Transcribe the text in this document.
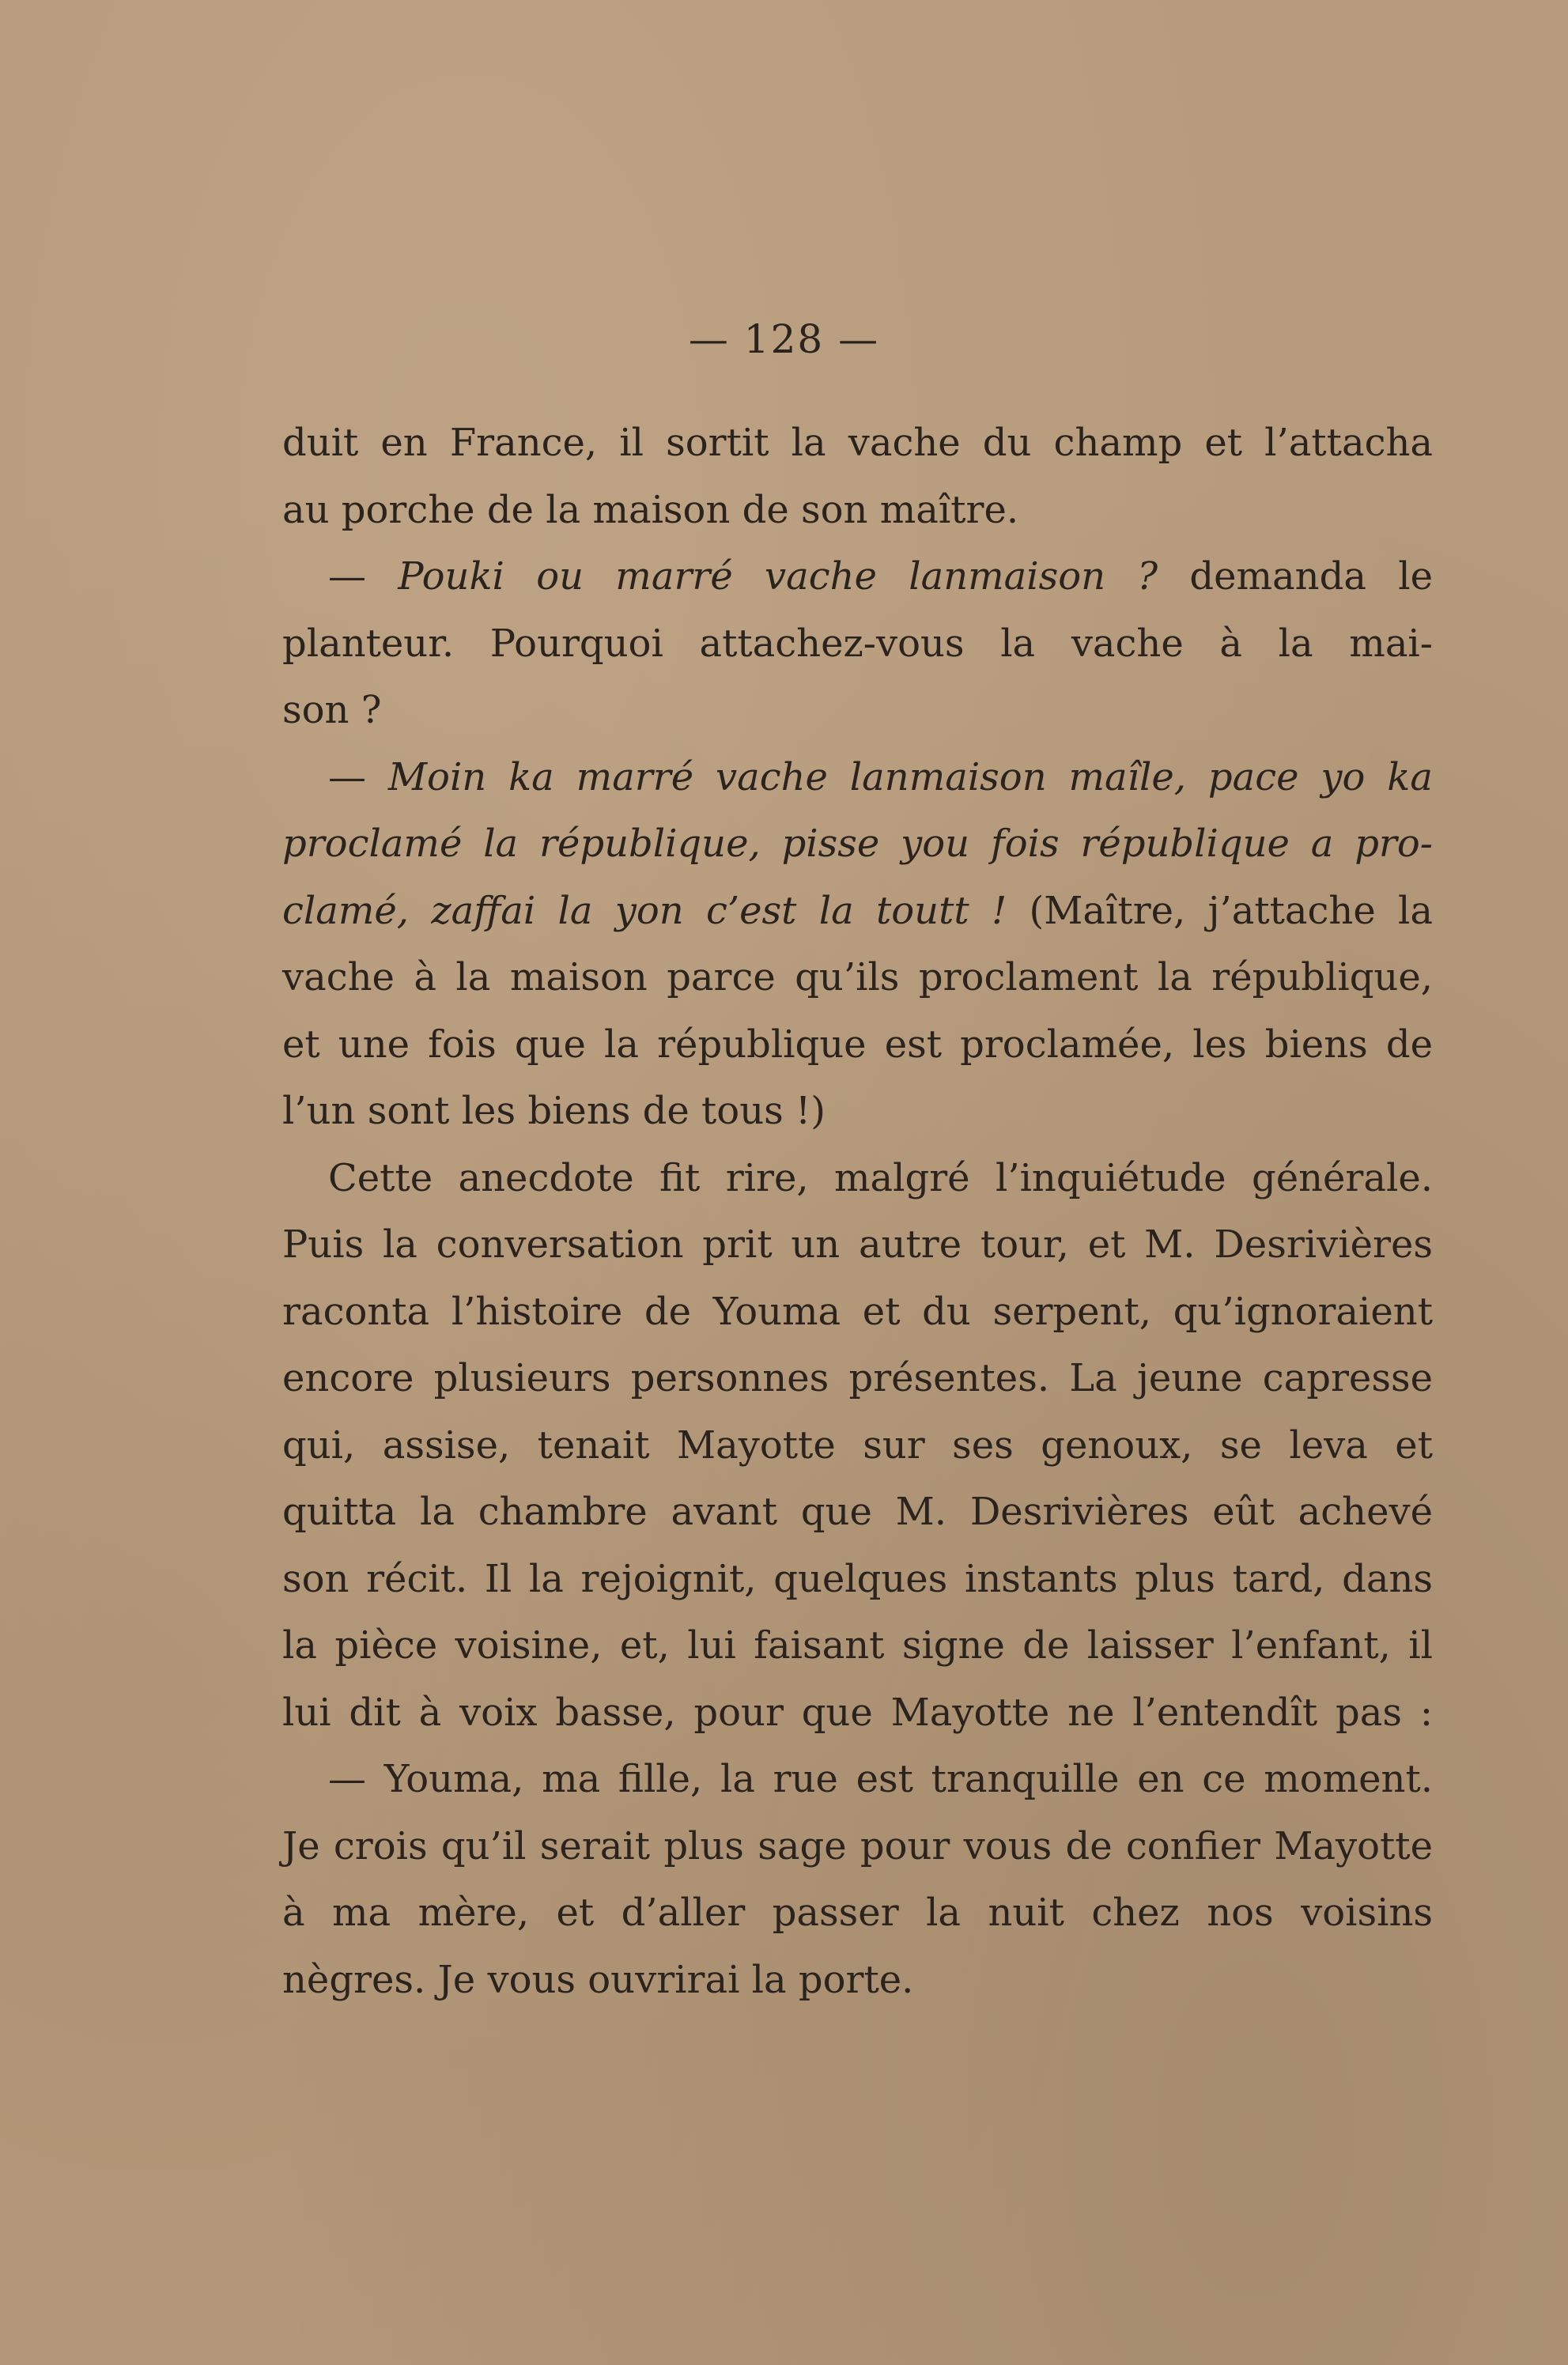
— 128 —
duit en France, il sortit la vache du champ et l’attacha
au porche de la maison de son maître.
— Pouki ou marré vache lanmaison ? demanda le
planteur. Pourquoi attachez-vous la vache à la mai-
son ?
— Moin ka marré vache lanmaison maîle, pace yo ka
proclamé la république, pisse you fois république a pro-
clamé, zaffai la yon c’est la toutt ! (Maître, j’attache la
vache à la maison parce qu’ils proclament la république,
et une fois que la république est proclamée, les biens de
l’un sont les biens de tous !)
Cette anecdote fit rire, malgré l’inquiétude générale.
Puis la conversation prit un autre tour, et M. Desrivières
raconta l’histoire de Youma et du serpent, qu’ignoraient
encore plusieurs personnes présentes. La jeune capresse
qui, assise, tenait Mayotte sur ses genoux, se leva et
quitta la chambre avant que M. Desrivières eût achevé
son récit. Il la rejoignit, quelques instants plus tard, dans
la pièce voisine, et, lui faisant signe de laisser l’enfant, il
lui dit à voix basse, pour que Mayotte ne l’entendît pas :
— Youma, ma fille, la rue est tranquille en ce moment.
Je crois qu’il serait plus sage pour vous de confier Mayotte
à ma mère, et d’aller passer la nuit chez nos voisins
nègres. Je vous ouvrirai la porte.
